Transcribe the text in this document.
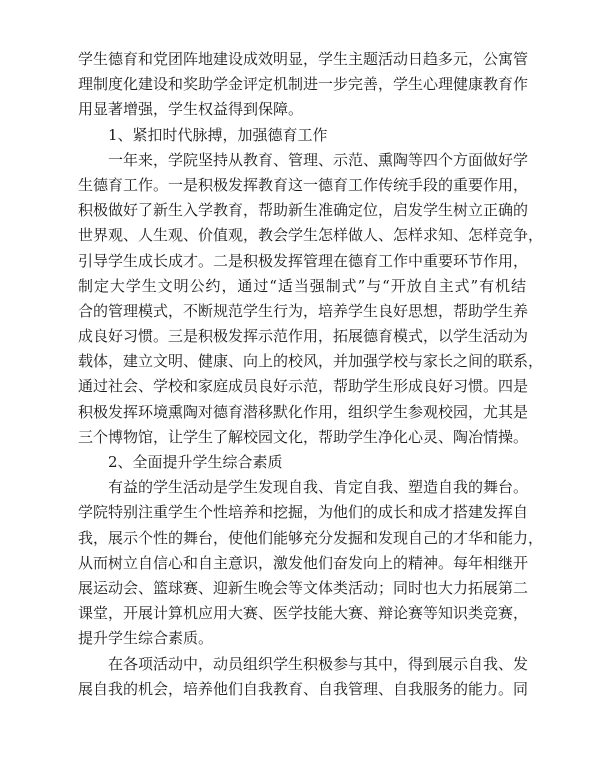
学生德育和党团阵地建设成效明显，学生主题活动日趋多元，公寓管
理制度化建设和奖助学金评定机制进一步完善，学生心理健康教育作
用显著增强，学生权益得到保障。
1、紧扣时代脉搏，加强德育工作
一年来，学院坚持从教育、管理、示范、熏陶等四个方面做好学
生德育工作。一是积极发挥教育这一德育工作传统手段的重要作用，
积极做好了新生入学教育，帮助新生准确定位，启发学生树立正确的
世界观、人生观、价值观，教会学生怎样做人、怎样求知、怎样竞争，
引导学生成长成才。二是积极发挥管理在德育工作中重要环节作用，
制定大学生文明公约，通过“适当强制式”与“开放自主式”有机结
合的管理模式，不断规范学生行为，培养学生良好思想，帮助学生养
成良好习惯。三是积极发挥示范作用，拓展德育模式，以学生活动为
载体，建立文明、健康、向上的校风，并加强学校与家长之间的联系，
通过社会、学校和家庭成员良好示范，帮助学生形成良好习惯。四是
积极发挥环境熏陶对德育潜移默化作用，组织学生参观校园，尤其是
三个博物馆，让学生了解校园文化，帮助学生净化心灵、陶冶情操。
2、全面提升学生综合素质
有益的学生活动是学生发现自我、肯定自我、塑造自我的舞台。
学院特别注重学生个性培养和挖掘，为他们的成长和成才搭建发挥自
我，展示个性的舞台，使他们能够充分发掘和发现自己的才华和能力，
从而树立自信心和自主意识，激发他们奋发向上的精神。每年相继开
展运动会、篮球赛、迎新生晚会等文体类活动；同时也大力拓展第二
课堂，开展计算机应用大赛、医学技能大赛、辩论赛等知识类竞赛，
提升学生综合素质。
在各项活动中，动员组织学生积极参与其中，得到展示自我、发
展自我的机会，培养他们自我教育、自我管理、自我服务的能力。同
